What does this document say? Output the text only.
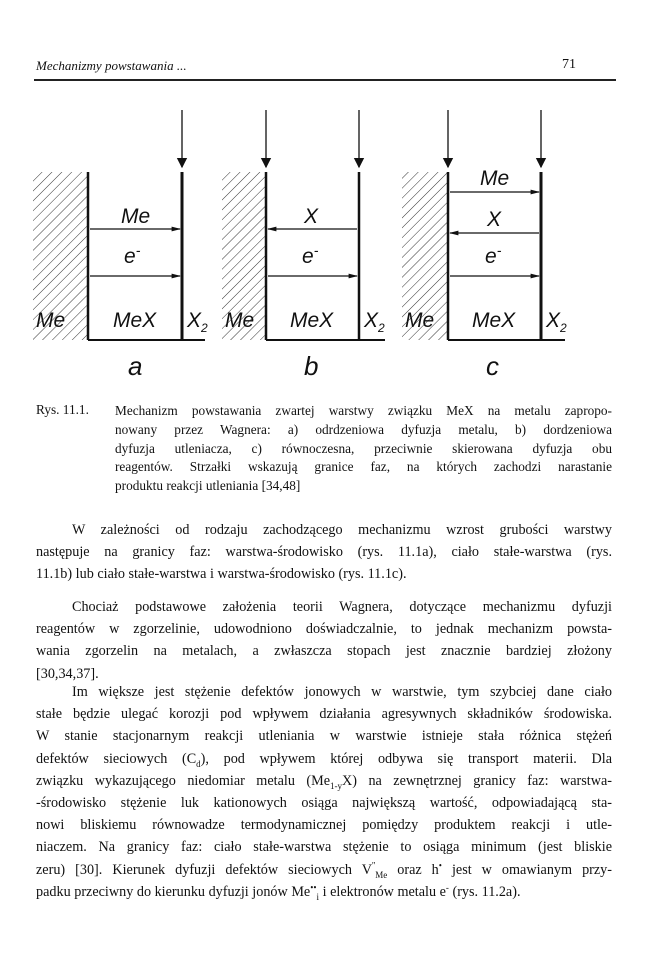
Mechanizmy powstawania ...	71
Me
e-
MeX
Me	$X_2$
a
X
e-
MeX
Me	$X_2$
b
Me
X
e-
MeX
Me	$X_2$
c
Rys. 11.1. Mechanizm powstawania zwartej warstwy związku MeX na metalu zapropo-
nowany przez Wagnera: a) odrdzeniowa dyfuzja metalu, b) dordzeniowa
dyfuzja utleniacza, c) równoczesna, przeciwnie skierowana dyfuzja obu
reagentów. Strzałki wskazują granice faz, na których zachodzi narastanie
produktu reakcji utleniania [34,48]
W zależności od rodzaju zachodzącego mechanizmu wzrost grubości warstwy
następuje na granicy faz: warstwa-środowisko (rys. 11.1a), ciało stałe-warstwa (rys.
11.1b) lub ciało stałe-warstwa i warstwa-środowisko (rys. 11.1c).
Chociaż podstawowe założenia teorii Wagnera, dotyczące mechanizmu dyfuzji
reagentów w zgorzelinie, udowodniono doświadczalnie, to jednak mechanizm powsta-
wania zgorzelin na metalach, a zwłaszcza stopach jest znacznie bardziej złożony
[30,34,37].
Im większe jest stężenie defektów jonowych w warstwie, tym szybciej dane ciało
stałe będzie ulegać korozji pod wpływem działania agresywnych składników środowiska.
W stanie stacjonarnym reakcji utleniania w warstwie istnieje stała różnica stężeń
defektów sieciowych $(C_d)$, pod wpływem której odbywa się transport materii. Dla
związku wykazującego niedomiar metalu $(Me_{1-y}X)$ na zewnętrznej granicy faz: warstwa-
-środowisko stężenie luk kationowych osiąga największą wartość, odpowiadającą sta-
nowi bliskiemu równowadze termodynamicznej pomiędzy produktem reakcji i utle-
niaczem. Na granicy faz: ciało stałe-warstwa stężenie to osiąga minimum (jest bliskie
zeru) [30]. Kierunek dyfuzji defektów sieciowych $V''_{Me}$ oraz h• jest w omawianym przy-
padku przeciwny do kierunku dyfuzji jonów $Me^{••}_i$ i elektronów metalu e- (rys. 11.2a).
